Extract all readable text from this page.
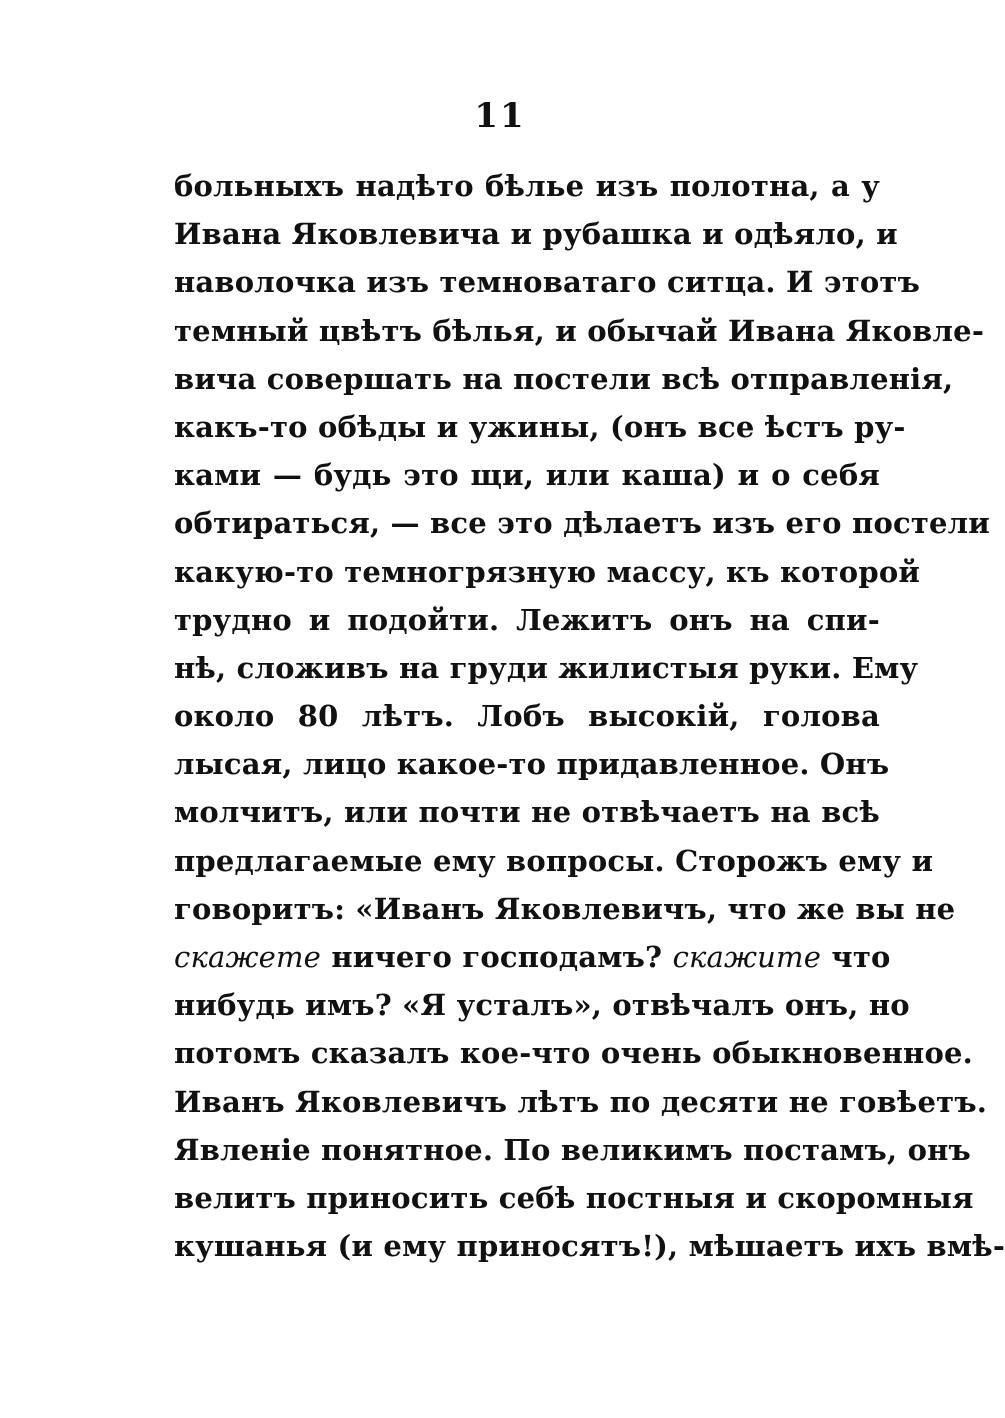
11
больныхъ надѣто бѣлье изъ полотна, а у
Ивана Яковлевича и рубашка и одѣяло, и
наволочка изъ темноватаго ситца. И этотъ
темный цвѣтъ бѣлья, и обычай Ивана Яковле-
вича совершать на постели всѣ отправленія,
какъ-то обѣды и ужины, (онъ все ѣстъ ру-
ками — будь это щи, или каша) и о себя
обтираться, — все это дѣлаетъ изъ его постели
какую-то темногрязную массу, къ которой
трудно и подойти. Лежитъ онъ на спи-
нѣ, сложивъ на груди жилистыя руки. Ему
около 80 лѣтъ. Лобъ высокій, голова
лысая, лицо какое-то придавленное. Онъ
молчитъ, или почти не отвѣчаетъ на всѣ
предлагаемые ему вопросы. Сторожъ ему и
говоритъ: «Иванъ Яковлевичъ, что же вы не
скажете ничего господамъ? скажите что
нибудь имъ? «Я усталъ», отвѣчалъ онъ, но
потомъ сказалъ кое-что очень обыкновенное.
Иванъ Яковлевичъ лѣтъ по десяти не говѣетъ.
Явленіе понятное. По великимъ постамъ, онъ
велитъ приносить себѣ постныя и скоромныя
кушанья (и ему приносятъ!), мѣшаетъ ихъ вмѣ-
